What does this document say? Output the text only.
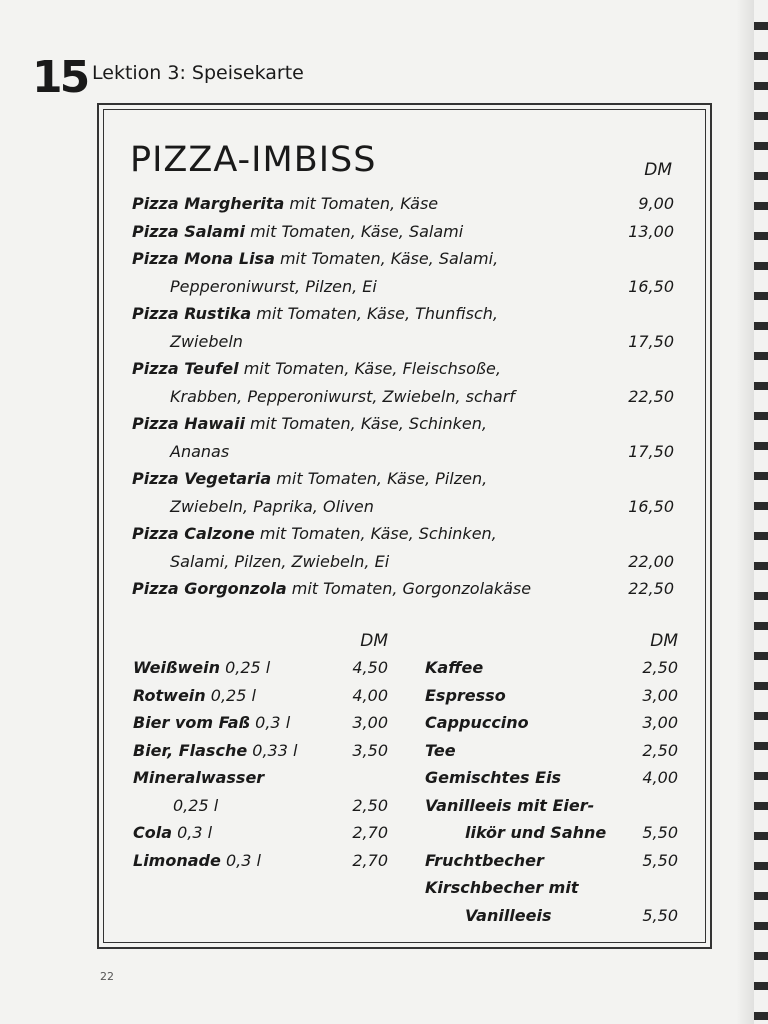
15 Lektion 3: Speisekarte
PIZZA-IMBISS	DM
Pizza Margherita mit Tomaten, Käse	9,00
Pizza Salami mit Tomaten, Käse, Salami	13,00
Pizza Mona Lisa mit Tomaten, Käse, Salami,
Pepperoniwurst, Pilzen, Ei	16,50
Pizza Rustika mit Tomaten, Käse, Thunfisch,
Zwiebeln	17,50
Pizza Teufel mit Tomaten, Käse, Fleischsoße,
Krabben, Pepperoniwurst, Zwiebeln, scharf	22,50
Pizza Hawaii mit Tomaten, Käse, Schinken,
Ananas	17,50
Pizza Vegetaria mit Tomaten, Käse, Pilzen,
Zwiebeln, Paprika, Oliven	16,50
Pizza Calzone mit Tomaten, Käse, Schinken,
Salami, Pilzen, Zwiebeln, Ei	22,00
Pizza Gorgonzola mit Tomaten, Gorgonzolakäse	22,50
DM
Weißwein 0,25 l	4,50
Rotwein 0,25 l	4,00
Bier vom Faß 0,3 l	3,00
Bier, Flasche 0,33 l	3,50
Mineralwasser
0,25 l	2,50
Cola 0,3 l	2,70
Limonade 0,3 l	2,70
DM
Kaffee	2,50
Espresso	3,00
Cappuccino	3,00
Tee	2,50
Gemischtes Eis	4,00
Vanilleeis mit Eier-
likör und Sahne	5,50
Fruchtbecher	5,50
Kirschbecher mit
Vanilleeis	5,50
22
